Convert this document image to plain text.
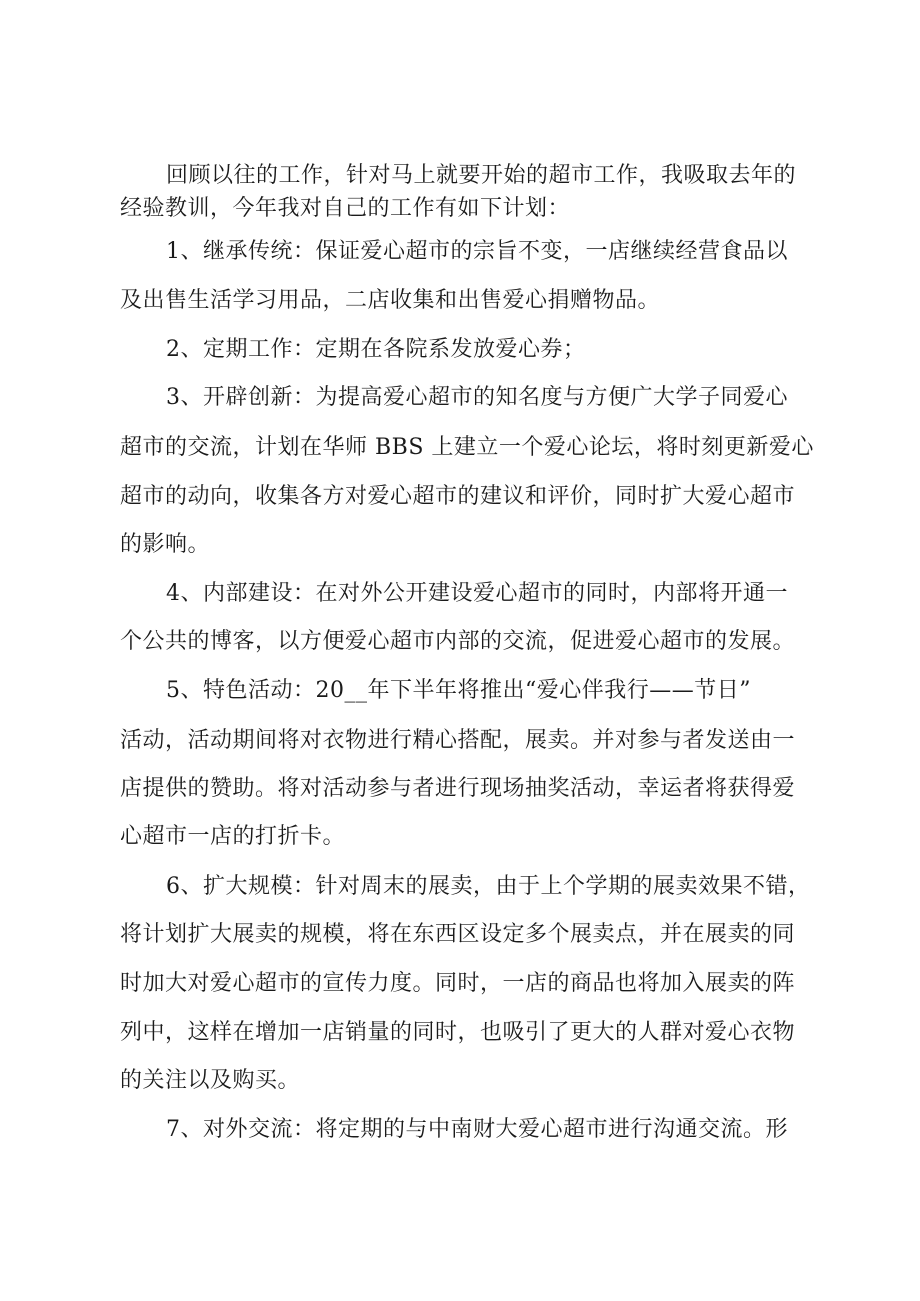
回顾以往的工作，针对马上就要开始的超市工作，我吸取去年的

经验教训，今年我对自己的工作有如下计划：

1、继承传统：保证爱心超市的宗旨不变，一店继续经营食品以

及出售生活学习用品，二店收集和出售爱心捐赠物品。

2、定期工作：定期在各院系发放爱心券；

3、开辟创新：为提高爱心超市的知名度与方便广大学子同爱心

超市的交流，计划在华师 BBS 上建立一个爱心论坛，将时刻更新爱心

超市的动向，收集各方对爱心超市的建议和评价，同时扩大爱心超市

的影响。

4、内部建设：在对外公开建设爱心超市的同时，内部将开通一

个公共的博客，以方便爱心超市内部的交流，促进爱心超市的发展。

5、特色活动：20__年下半年将推出“爱心伴我行——节日”

活动，活动期间将对衣物进行精心搭配，展卖。并对参与者发送由一

店提供的赞助。将对活动参与者进行现场抽奖活动，幸运者将获得爱

心超市一店的打折卡。

6、扩大规模：针对周末的展卖，由于上个学期的展卖效果不错，

将计划扩大展卖的规模，将在东西区设定多个展卖点，并在展卖的同

时加大对爱心超市的宣传力度。同时，一店的商品也将加入展卖的阵

列中，这样在增加一店销量的同时，也吸引了更大的人群对爱心衣物

的关注以及购买。

7、对外交流：将定期的与中南财大爱心超市进行沟通交流。形
